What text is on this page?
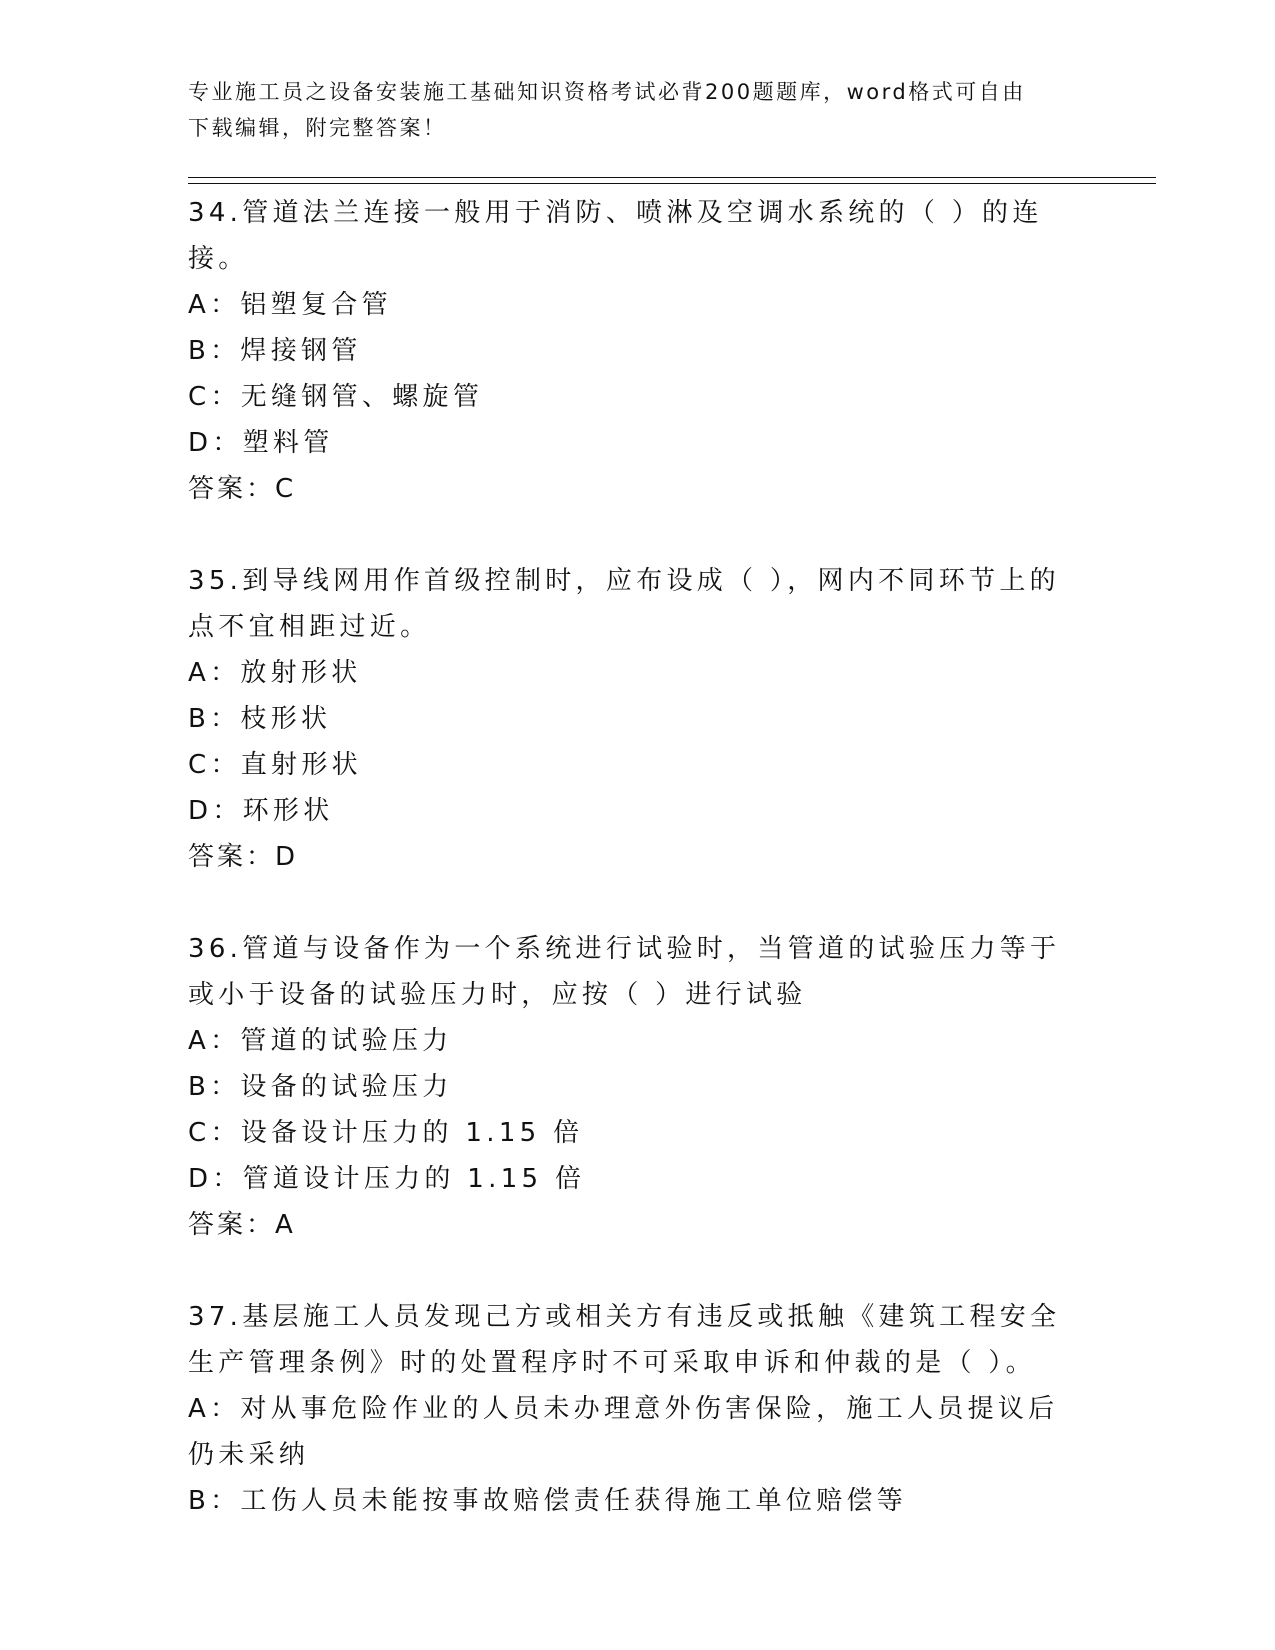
专业施工员之设备安装施工基础知识资格考试必背200题题库，word格式可自由
下载编辑，附完整答案！

34.管道法兰连接一般用于消防、喷淋及空调水系统的（ ）的连接。

A：铝塑复合管

B：焊接钢管

C：无缝钢管、螺旋管

D：塑料管

答案：C

35.到导线网用作首级控制时，应布设成（ ），网内不同环节上的点不宜相距过近。

A：放射形状

B：枝形状

C：直射形状

D：环形状

答案：D

36.管道与设备作为一个系统进行试验时，当管道的试验压力等于或小于设备的试验压力时，应按（ ）进行试验

A：管道的试验压力

B：设备的试验压力

C：设备设计压力的 1.15 倍

D：管道设计压力的 1.15 倍

答案：A

37.基层施工人员发现己方或相关方有违反或抵触《建筑工程安全生产管理条例》时的处置程序时不可采取申诉和仲裁的是（ ）。

A：对从事危险作业的人员未办理意外伤害保险，施工人员提议后仍未采纳

B：工伤人员未能按事故赔偿责任获得施工单位赔偿等
